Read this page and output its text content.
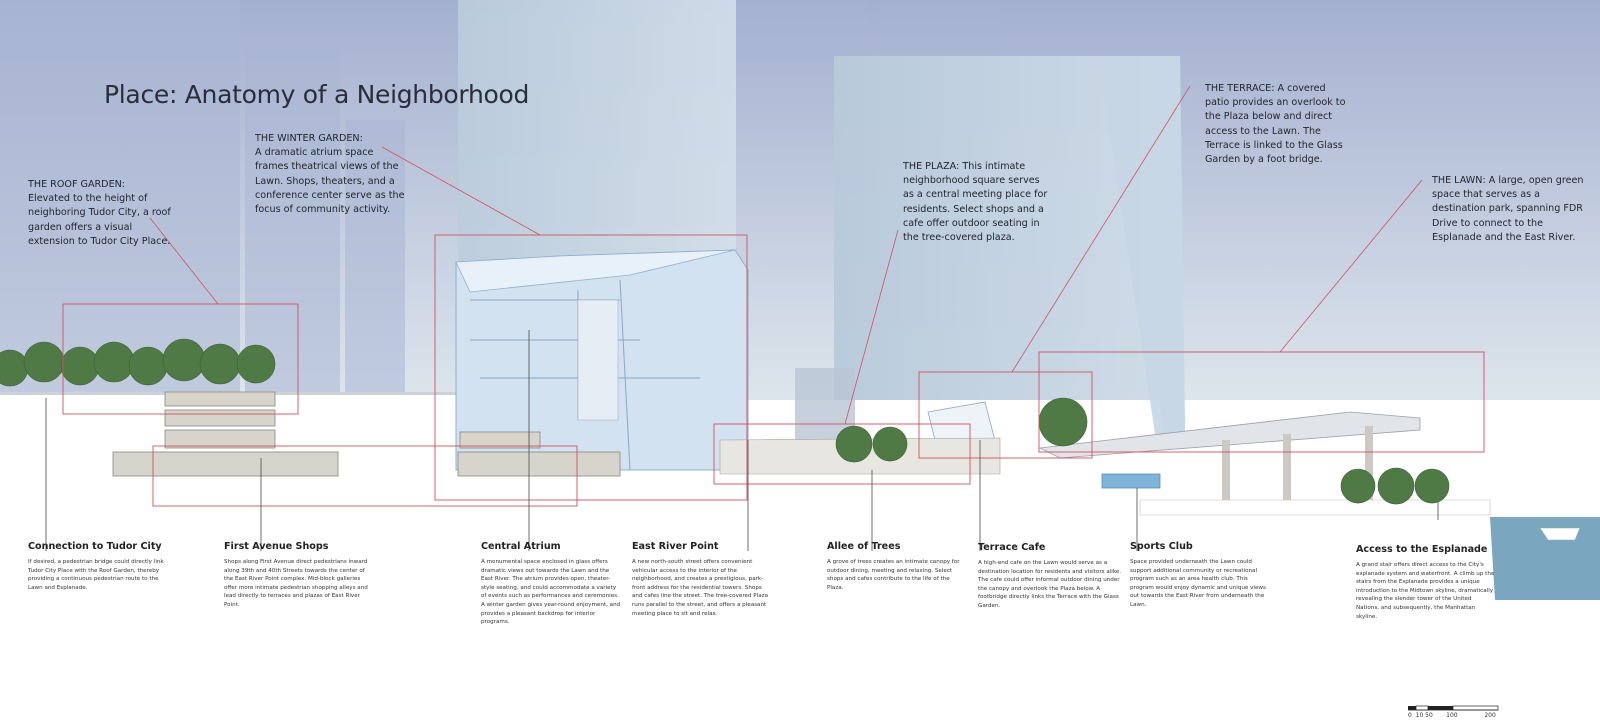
Place: Anatomy of a Neighborhood
THE ROOF GARDEN:
Elevated to the height of neighboring Tudor City, a roof garden offers a visual extension to Tudor City Place.
THE WINTER GARDEN:
A dramatic atrium space frames theatrical views of the Lawn. Shops, theaters, and a conference center serve as the focus of community activity.
THE PLAZA: This intimate neighborhood square serves as a central meeting place for residents. Select shops and a cafe offer outdoor seating in the tree-covered plaza.
THE TERRACE: A covered patio provides an overlook to the Plaza below and direct access to the Lawn. The Terrace is linked to the Glass Garden by a foot bridge.
THE LAWN: A large, open green space that serves as a destination park, spanning FDR Drive to connect to the Esplanade and the East River.
Connection to Tudor City
If desired, a pedestrian bridge could directly link Tudor City Place with the Roof Garden, thereby providing a continuous pedestrian route to the Lawn and Esplanade.
First Avenue Shops
Shops along First Avenue direct pedestrians inward along 39th and 40th Streets towards the center of the East River Point complex. Mid-block galleries offer more intimate pedestrian shopping alleys and lead directly to terraces and plazas of East River Point.
Central Atrium
A monumental space enclosed in glass offers dramatic views out towards the Lawn and the East River. The atrium provides open, theater-style seating, and could accommodate a variety of events such as performances and ceremonies. A winter garden gives year-round enjoyment, and provides a pleasant backdrop for interior programs.
East River Point
A new north-south street offers convenient vehicular access to the interior of the neighborhood, and creates a prestigious, park-front address for the residential towers. Shops and cafes line the street. The tree-covered Plaza runs parallel to the street, and offers a pleasant meeting place to sit and relax.
Allee of Trees
A grove of trees creates an intimate canopy for outdoor dining, meeting and relaxing. Select shops and cafes contribute to the life of the Plaza.
Terrace Cafe
A high-end cafe on the Lawn would serve as a destination location for residents and visitors alike. The cafe could offer informal outdoor dining under the canopy and overlook the Plaza below. A footbridge directly links the Terrace with the Glass Garden.
Sports Club
Space provided underneath the Lawn could support additional community or recreational program such as an area health club. This program would enjoy dynamic and unique views out towards the East River from underneath the Lawn.
Access to the Esplanade
A grand stair offers direct access to the City's esplanade system and waterfront. A climb up the stairs from the Esplanade provides a unique introduction to the Midtown skyline, dramatically revealing the slender tower of the United Nations, and subsequently, the Manhattan skyline.
0  10 50       100              200
